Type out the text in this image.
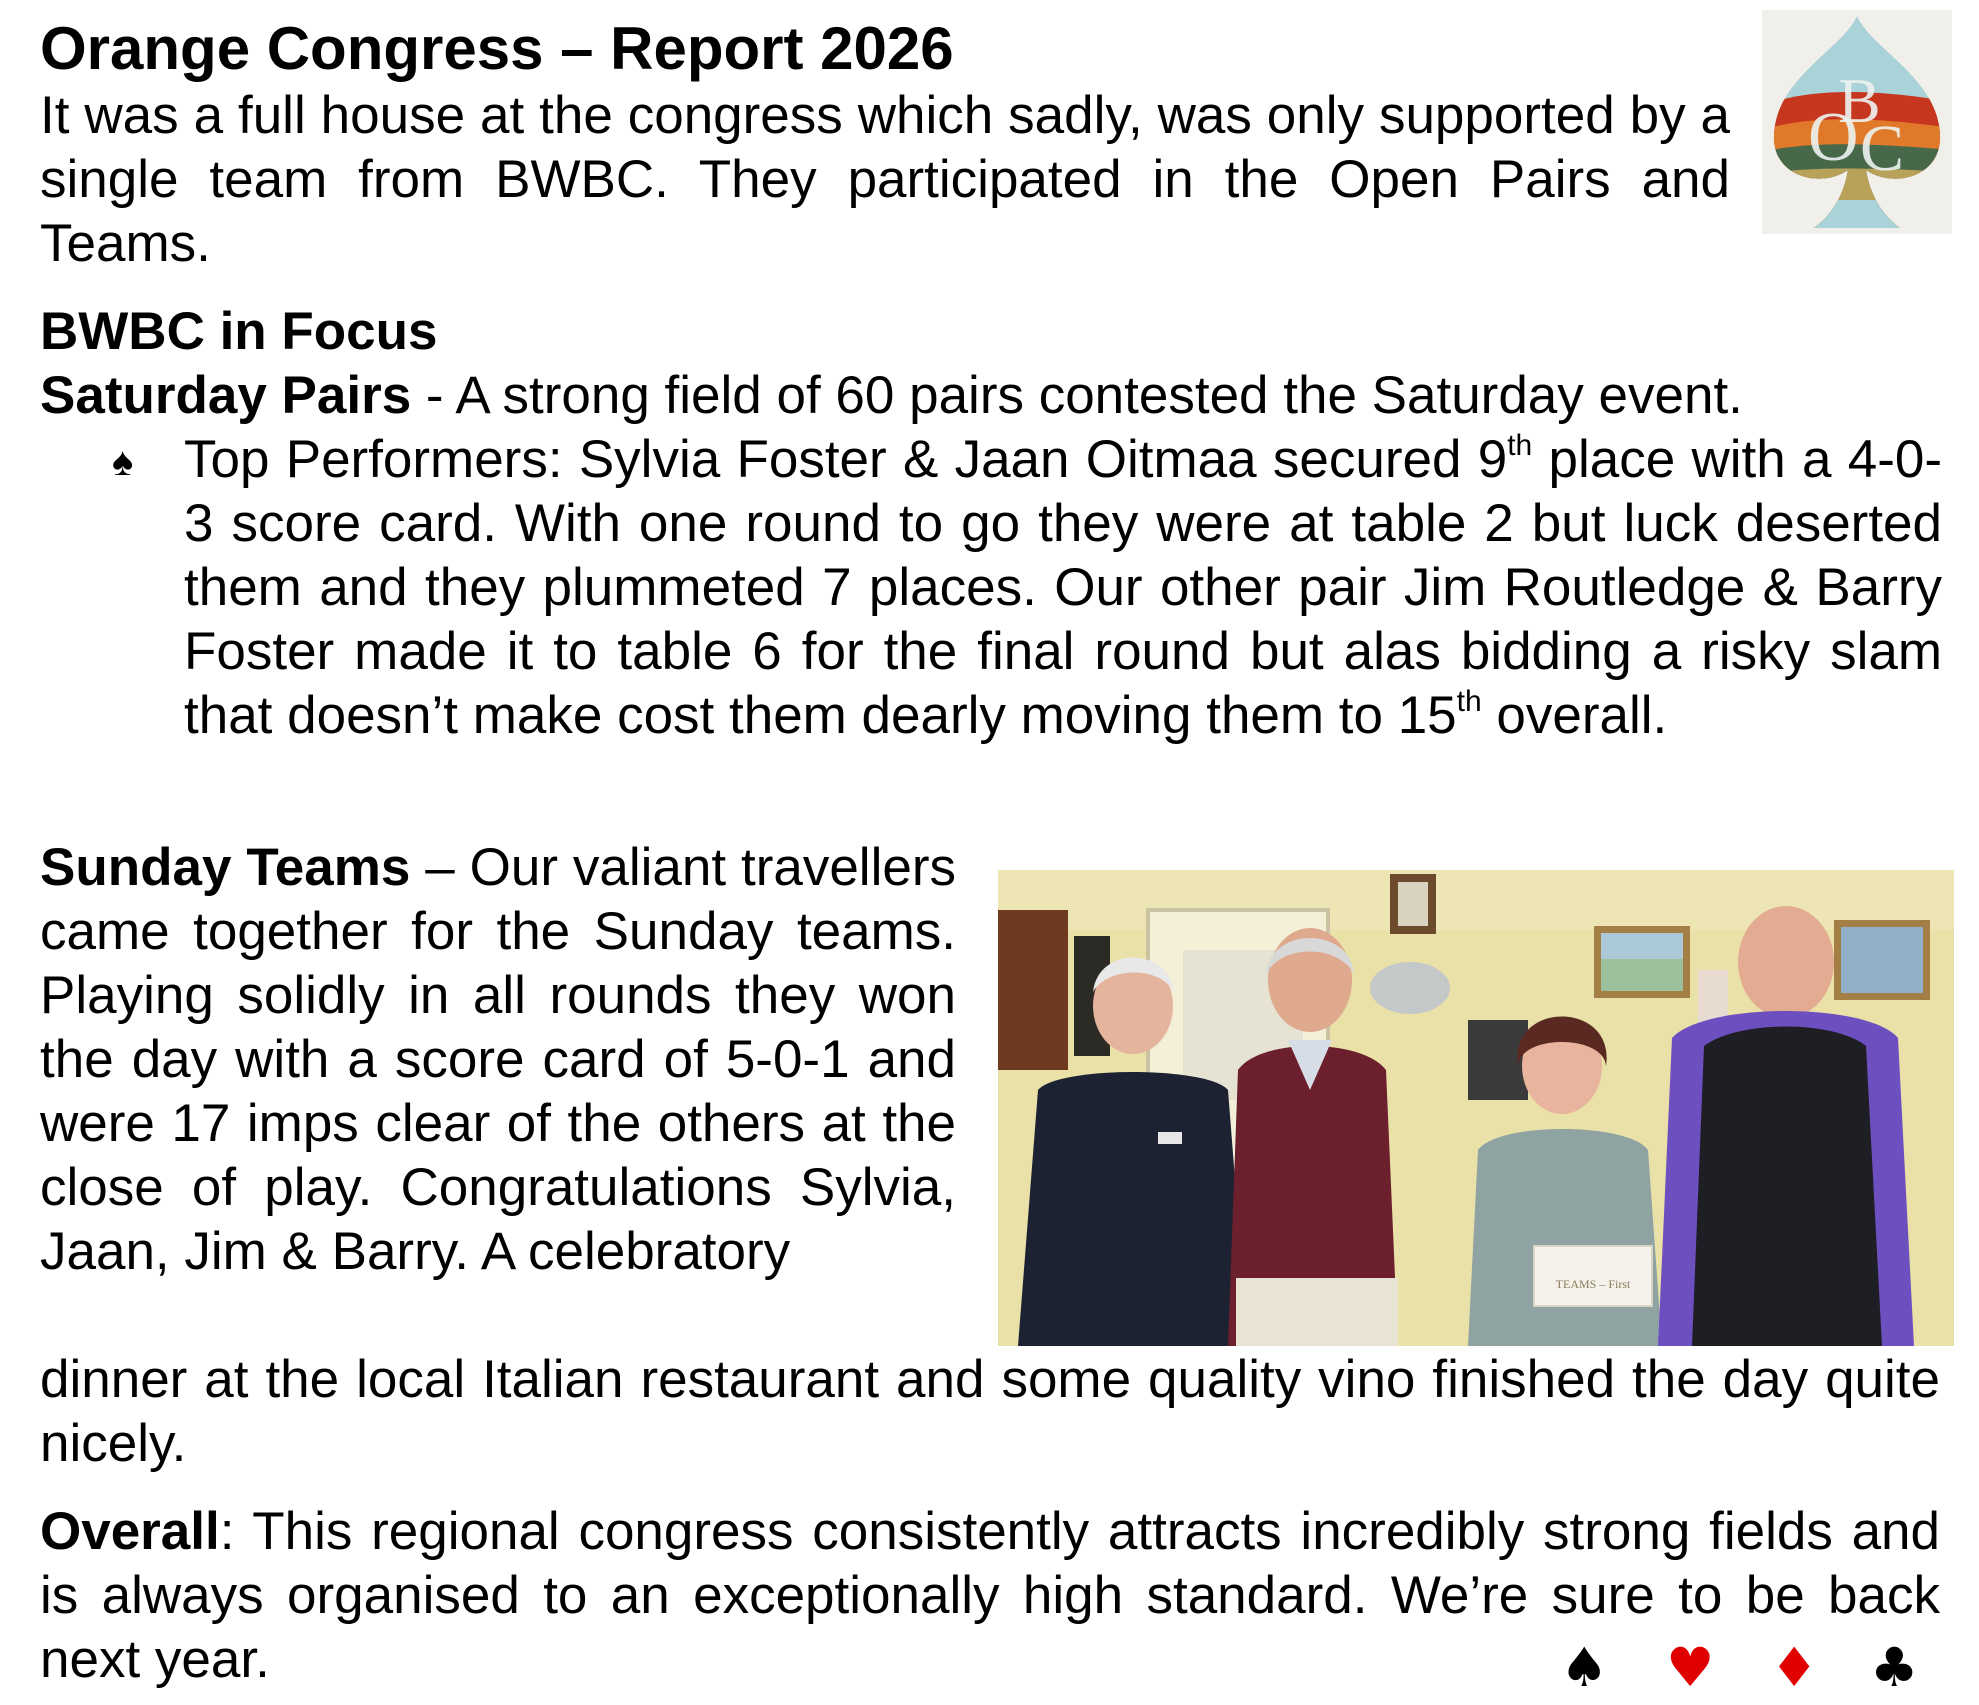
Orange Congress – Report 2026

It was a full house at the congress which sadly, was only supported by a single team from BWBC. They participated in the Open Pairs and Teams.

BWBC in Focus

Saturday Pairs - A strong field of 60 pairs contested the Saturday event.

♠ Top Performers: Sylvia Foster & Jaan Oitmaa secured 9th place with a 4-0-3 score card. With one round to go they were at table 2 but luck deserted them and they plummeted 7 places. Our other pair Jim Routledge & Barry Foster made it to table 6 for the final round but alas bidding a risky slam that doesn’t make cost them dearly moving them to 15th overall.

Sunday Teams – Our valiant travellers came together for the Sunday teams. Playing solidly in all rounds they won the day with a score card of 5-0-1 and were 17 imps clear of the others at the close of play. Congratulations Sylvia, Jaan, Jim & Barry. A celebratory

dinner at the local Italian restaurant and some quality vino finished the day quite nicely.

Overall: This regional congress consistently attracts incredibly strong fields and is always organised to an exceptionally high standard. We’re sure to be back next year.

O
B
C
TEAMS – First
♠ ♥ ♦ ♣
